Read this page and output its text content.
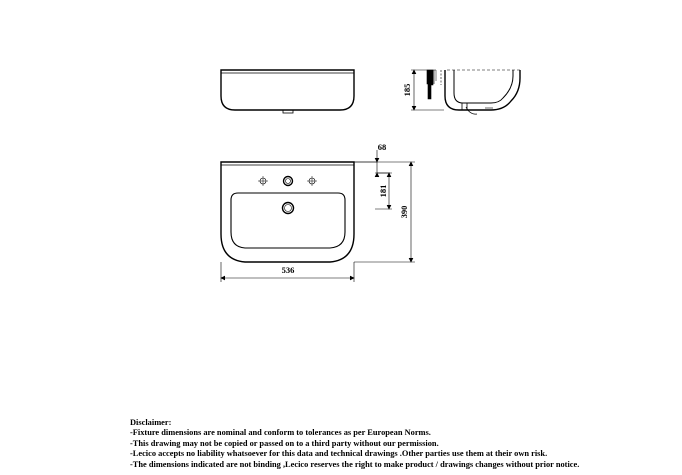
185
68
181
390
536
Disclaimer:
-Fixture dimensions are nominal and conform to tolerances as per European Norms.
-This drawing may not be copied or passed on to a third party without our permission.
-Lecico accepts no liability whatsoever for this data and technical drawings .Other parties use them at their own risk.
-The dimensions indicated are not binding ,Lecico reserves the right to make product / drawings changes without prior notice.
